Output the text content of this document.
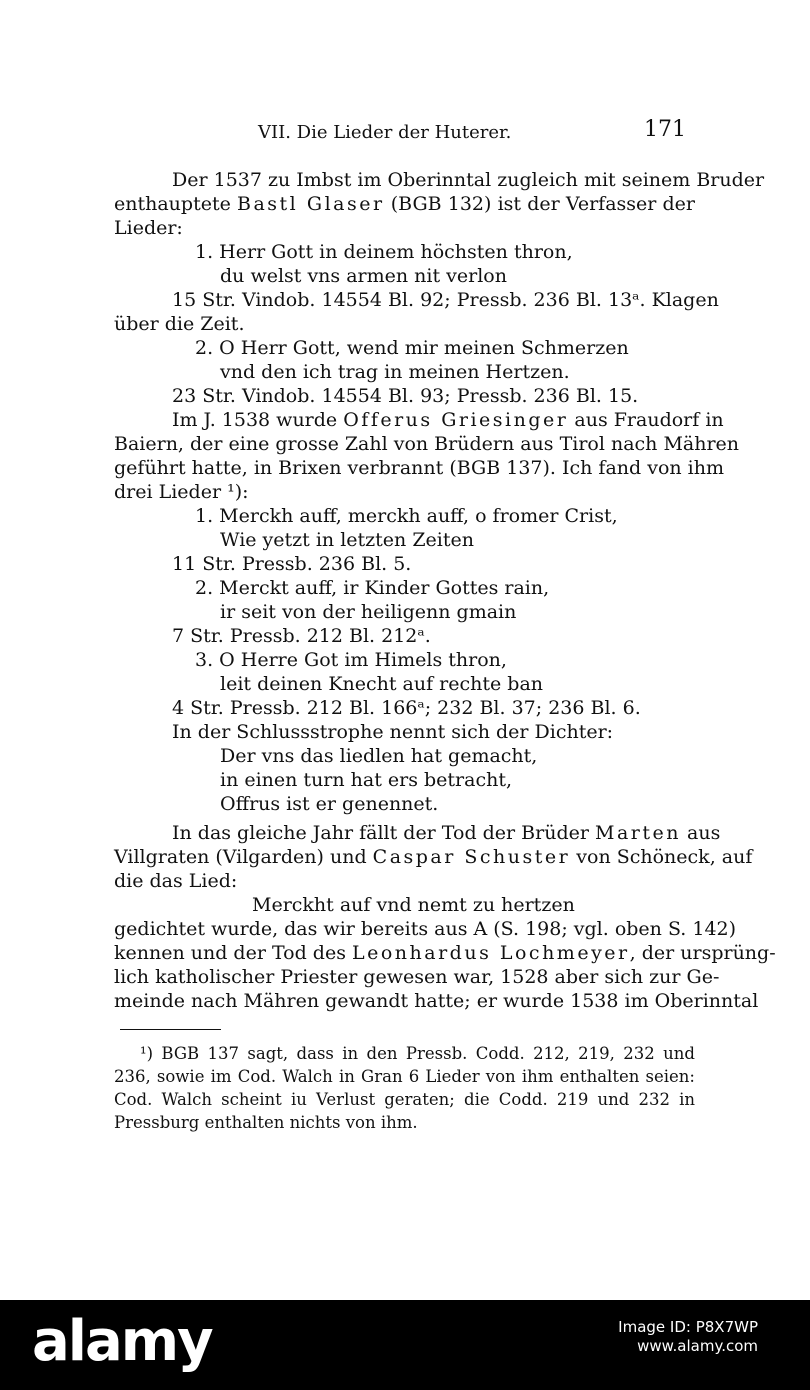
VII. Die Lieder der Huterer.	171
Der 1537 zu Imbst im Oberinntal zugleich mit seinem Bruder
enthauptete Bastl Glaser (BGB 132) ist der Verfasser der
Lieder:
1. Herr Gott in deinem höchsten thron,
du welst vns armen nit verlon
15 Str. Vindob. 14554 Bl. 92; Pressb. 236 Bl. 13ᵃ. Klagen
über die Zeit.
2. O Herr Gott, wend mir meinen Schmerzen
vnd den ich trag in meinen Hertzen.
23 Str. Vindob. 14554 Bl. 93; Pressb. 236 Bl. 15.
Im J. 1538 wurde Offerus Griesinger aus Fraudorf in
Baiern, der eine grosse Zahl von Brüdern aus Tirol nach Mähren
geführt hatte, in Brixen verbrannt (BGB 137). Ich fand von ihm
drei Lieder ¹):
1. Merckh auff, merckh auff, o fromer Crist,
Wie yetzt in letzten Zeiten
11 Str. Pressb. 236 Bl. 5.
2. Merckt auff, ir Kinder Gottes rain,
ir seit von der heiligenn gmain
7 Str. Pressb. 212 Bl. 212ᵃ.
3. O Herre Got im Himels thron,
leit deinen Knecht auf rechte ban
4 Str. Pressb. 212 Bl. 166ᵃ; 232 Bl. 37; 236 Bl. 6.
In der Schlussstrophe nennt sich der Dichter:
Der vns das liedlen hat gemacht,
in einen turn hat ers betracht,
Offrus ist er genennet.
In das gleiche Jahr fällt der Tod der Brüder Marten aus
Villgraten (Vilgarden) und Caspar Schuster von Schöneck, auf
die das Lied:
Merckht auf vnd nemt zu hertzen
gedichtet wurde, das wir bereits aus A (S. 198; vgl. oben S. 142)
kennen und der Tod des Leonhardus Lochmeyer, der ursprüng-
lich katholischer Priester gewesen war, 1528 aber sich zur Ge-
meinde nach Mähren gewandt hatte; er wurde 1538 im Oberinntal
¹) BGB 137 sagt, dass in den Pressb. Codd. 212, 219, 232 und
236, sowie im Cod. Walch in Gran 6 Lieder von ihm enthalten seien:
Cod. Walch scheint iu Verlust geraten; die Codd. 219 und 232 in
Pressburg enthalten nichts von ihm.
alamy	Image ID: P8X7WP
www.alamy.com
